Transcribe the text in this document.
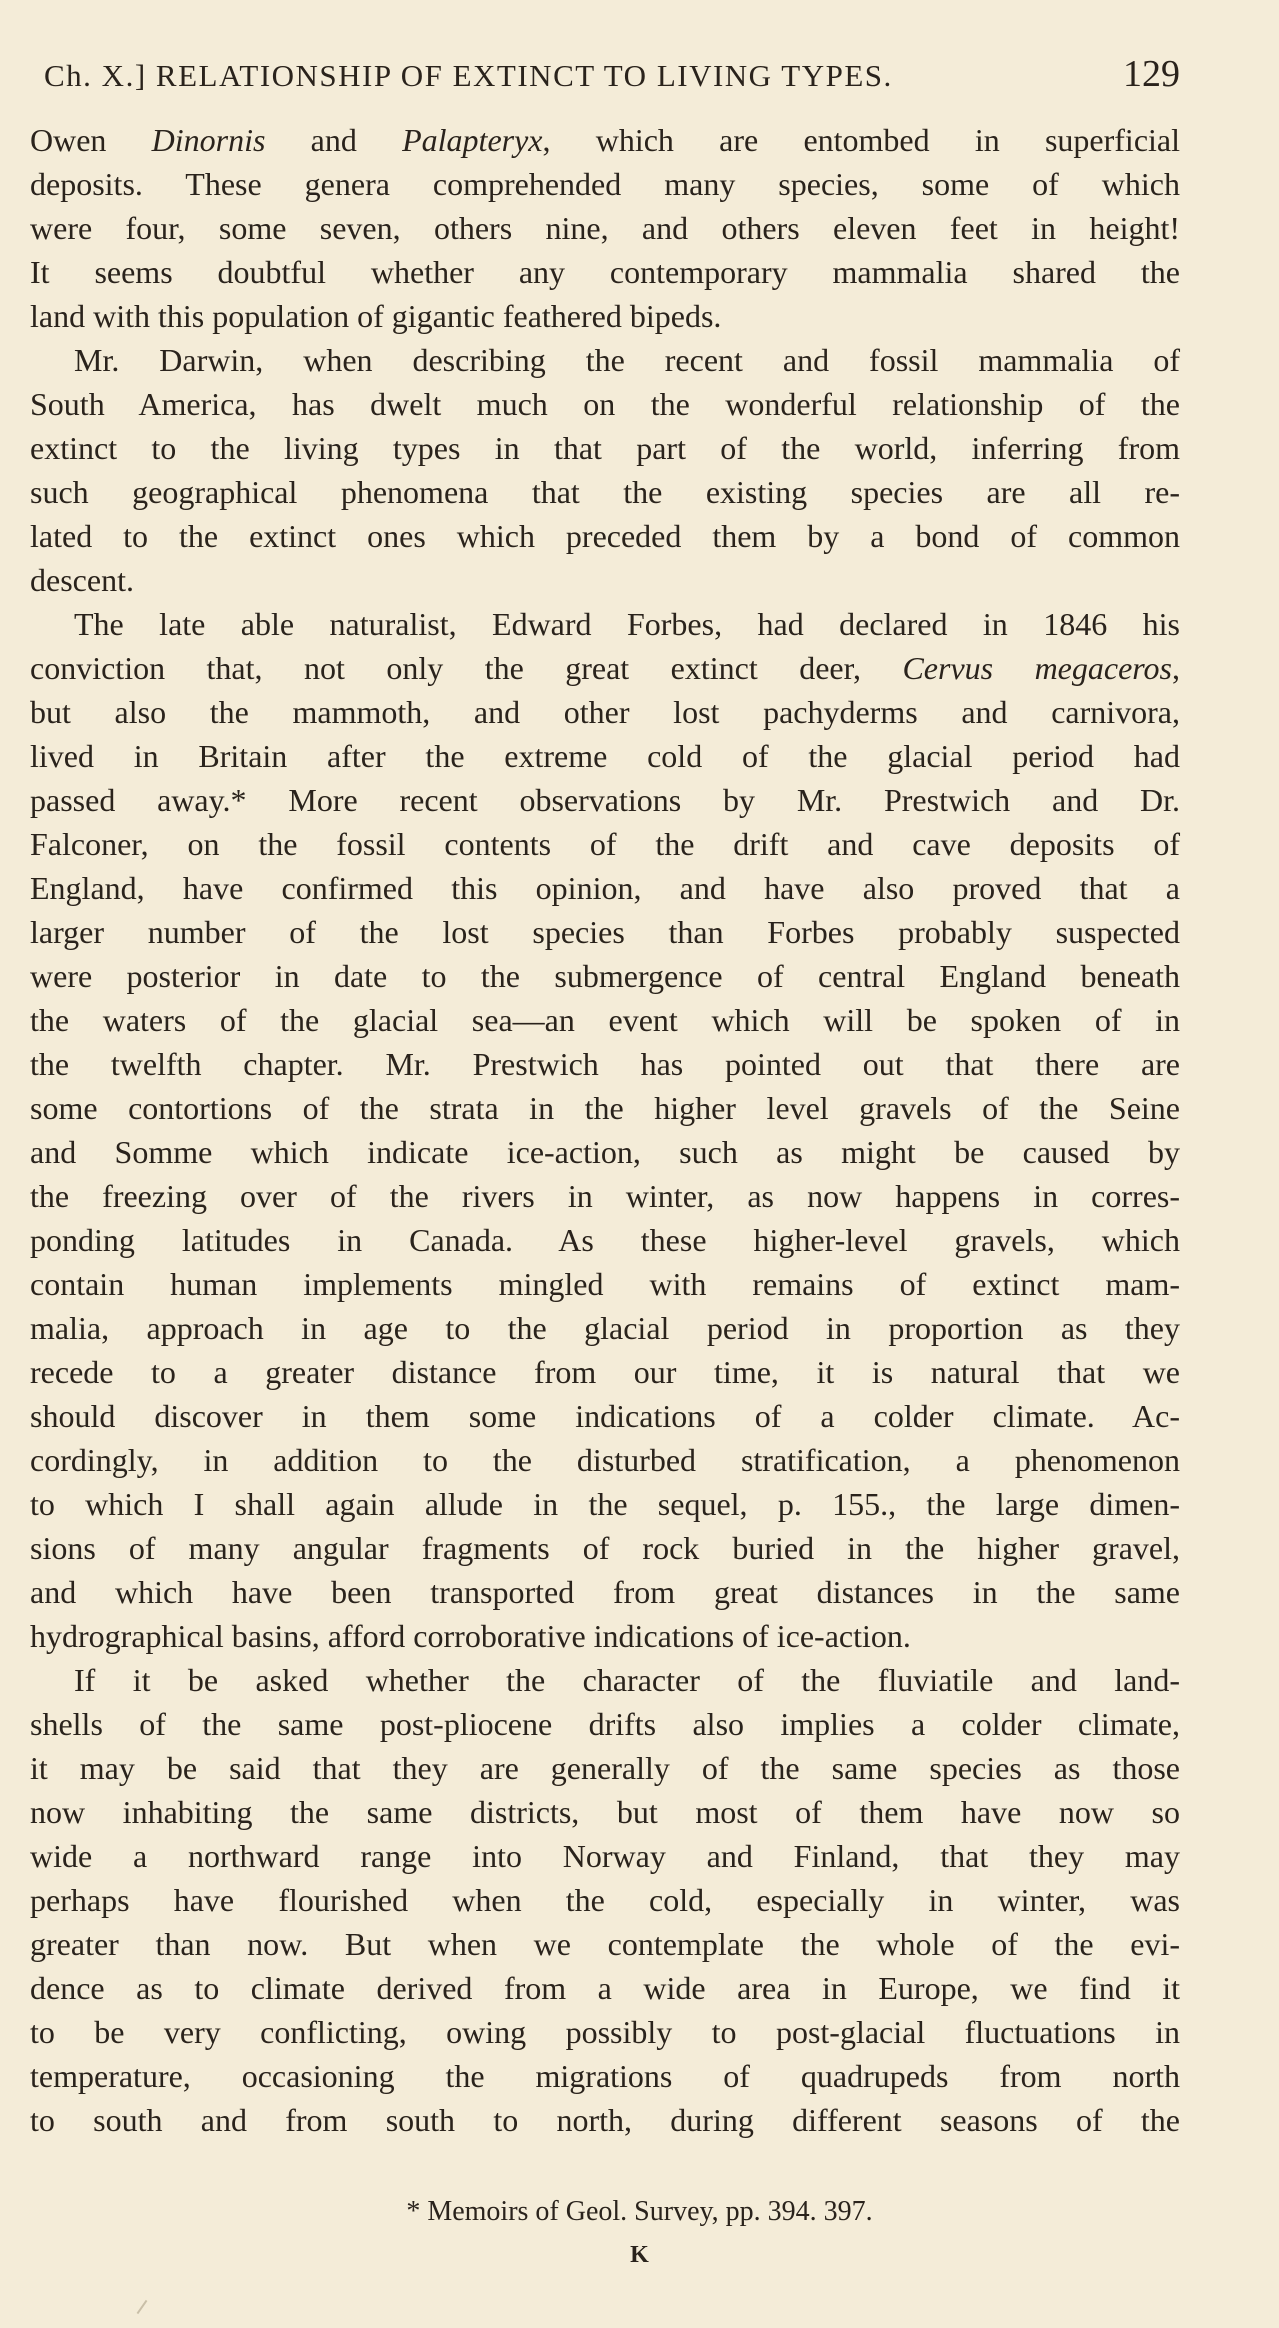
Ch. X.] RELATIONSHIP OF EXTINCT TO LIVING TYPES.	129
Owen Dinornis and Palapteryx, which are entombed in superficial
deposits. These genera comprehended many species, some of which
were four, some seven, others nine, and others eleven feet in height!
It seems doubtful whether any contemporary mammalia shared the
land with this population of gigantic feathered bipeds.
Mr. Darwin, when describing the recent and fossil mammalia of
South America, has dwelt much on the wonderful relationship of the
extinct to the living types in that part of the world, inferring from
such geographical phenomena that the existing species are all re-
lated to the extinct ones which preceded them by a bond of common
descent.
The late able naturalist, Edward Forbes, had declared in 1846 his
conviction that, not only the great extinct deer, Cervus megaceros,
but also the mammoth, and other lost pachyderms and carnivora,
lived in Britain after the extreme cold of the glacial period had
passed away.* More recent observations by Mr. Prestwich and Dr.
Falconer, on the fossil contents of the drift and cave deposits of
England, have confirmed this opinion, and have also proved that a
larger number of the lost species than Forbes probably suspected
were posterior in date to the submergence of central England beneath
the waters of the glacial sea—an event which will be spoken of in
the twelfth chapter. Mr. Prestwich has pointed out that there are
some contortions of the strata in the higher level gravels of the Seine
and Somme which indicate ice-action, such as might be caused by
the freezing over of the rivers in winter, as now happens in corres-
ponding latitudes in Canada. As these higher-level gravels, which
contain human implements mingled with remains of extinct mam-
malia, approach in age to the glacial period in proportion as they
recede to a greater distance from our time, it is natural that we
should discover in them some indications of a colder climate. Ac-
cordingly, in addition to the disturbed stratification, a phenomenon
to which I shall again allude in the sequel, p. 155., the large dimen-
sions of many angular fragments of rock buried in the higher gravel,
and which have been transported from great distances in the same
hydrographical basins, afford corroborative indications of ice-action.
If it be asked whether the character of the fluviatile and land-
shells of the same post-pliocene drifts also implies a colder climate,
it may be said that they are generally of the same species as those
now inhabiting the same districts, but most of them have now so
wide a northward range into Norway and Finland, that they may
perhaps have flourished when the cold, especially in winter, was
greater than now. But when we contemplate the whole of the evi-
dence as to climate derived from a wide area in Europe, we find it
to be very conflicting, owing possibly to post-glacial fluctuations in
temperature, occasioning the migrations of quadrupeds from north
to south and from south to north, during different seasons of the
* Memoirs of Geol. Survey, pp. 394. 397.
K
